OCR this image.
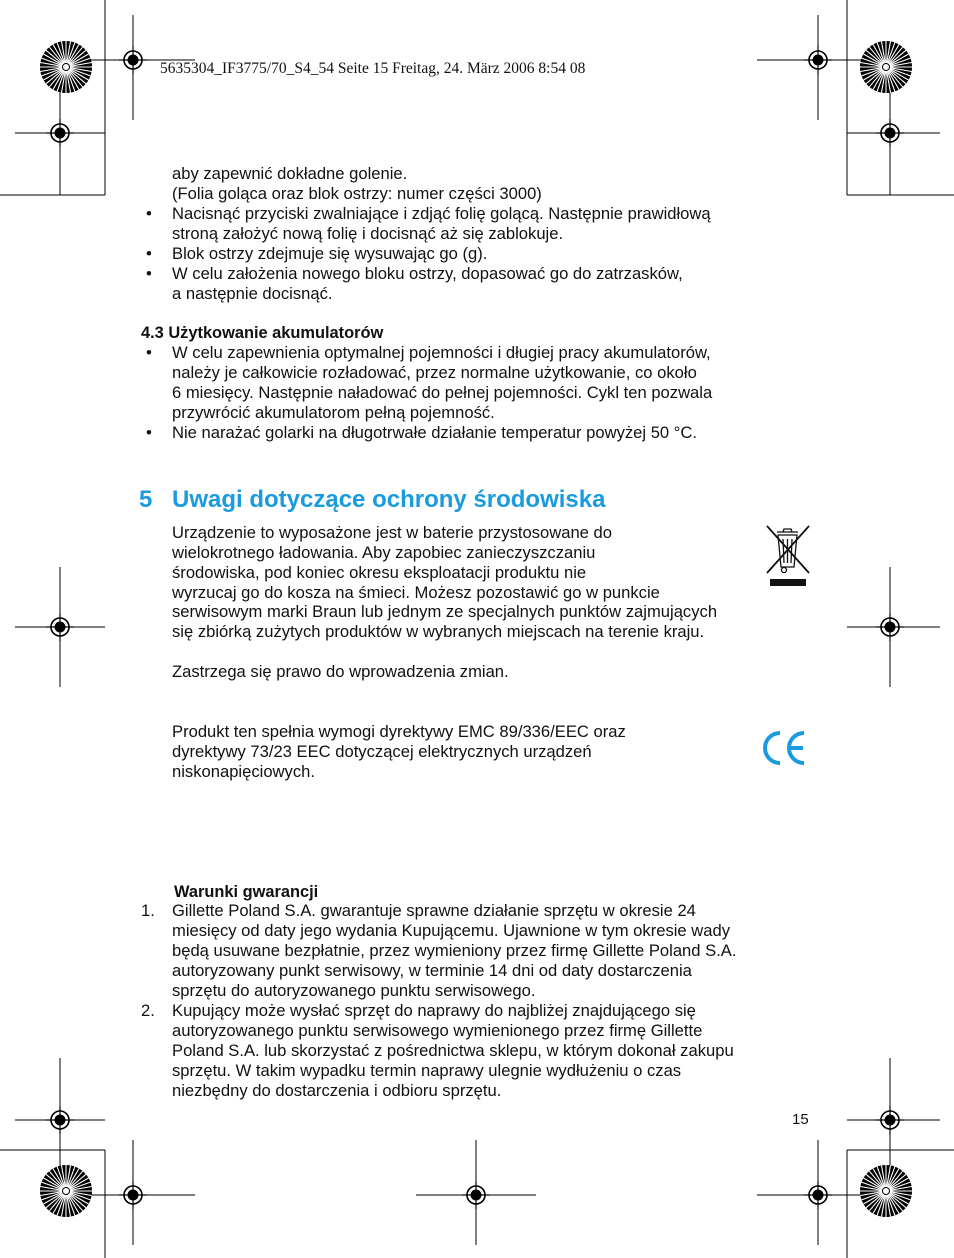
5635304_IF3775/70_S4_54 Seite 15 Freitag, 24. März 2006 8:54 08
aby zapewnić dokładne golenie.
(Folia goląca oraz blok ostrzy: numer części 3000)
• Nacisnąć przyciski zwalniające i zdjąć folię golącą. Następnie prawidłową
stroną założyć nową folię i docisnąć aż się zablokuje.
• Blok ostrzy zdejmuje się wysuwając go (g).
• W celu założenia nowego bloku ostrzy, dopasować go do zatrzasków,
a następnie docisnąć.
4.3 Użytkowanie akumulatorów
• W celu zapewnienia optymalnej pojemności i długiej pracy akumulatorów,
należy je całkowicie rozładować, przez normalne użytkowanie, co około
6 miesięcy. Następnie naładować do pełnej pojemności. Cykl ten pozwala
przywrócić akumulatorom pełną pojemność.
• Nie narażać golarki na długotrwałe działanie temperatur powyżej 50 °C.
5 Uwagi dotyczące ochrony środowiska
Urządzenie to wyposażone jest w baterie przystosowane do
wielokrotnego ładowania. Aby zapobiec zanieczyszczaniu
środowiska, pod koniec okresu eksploatacji produktu nie
wyrzucaj go do kosza na śmieci. Możesz pozostawić go w punkcie
serwisowym marki Braun lub jednym ze specjalnych punktów zajmujących
się zbiórką zużytych produktów w wybranych miejscach na terenie kraju.
Zastrzega się prawo do wprowadzenia zmian.
Produkt ten spełnia wymogi dyrektywy EMC 89/336/EEC oraz
dyrektywy 73/23 EEC dotyczącej elektrycznych urządzeń
niskonapięciowych.
Warunki gwarancji
1. Gillette Poland S.A. gwarantuje sprawne działanie sprzętu w okresie 24
miesięcy od daty jego wydania Kupującemu. Ujawnione w tym okresie wady
będą usuwane bezpłatnie, przez wymieniony przez firmę Gillette Poland S.A.
autoryzowany punkt serwisowy, w terminie 14 dni od daty dostarczenia
sprzętu do autoryzowanego punktu serwisowego.
2. Kupujący może wysłać sprzęt do naprawy do najbliżej znajdującego się
autoryzowanego punktu serwisowego wymienionego przez firmę Gillette
Poland S.A. lub skorzystać z pośrednictwa sklepu, w którym dokonał zakupu
sprzętu. W takim wypadku termin naprawy ulegnie wydłużeniu o czas
niezbędny do dostarczenia i odbioru sprzętu.
15
